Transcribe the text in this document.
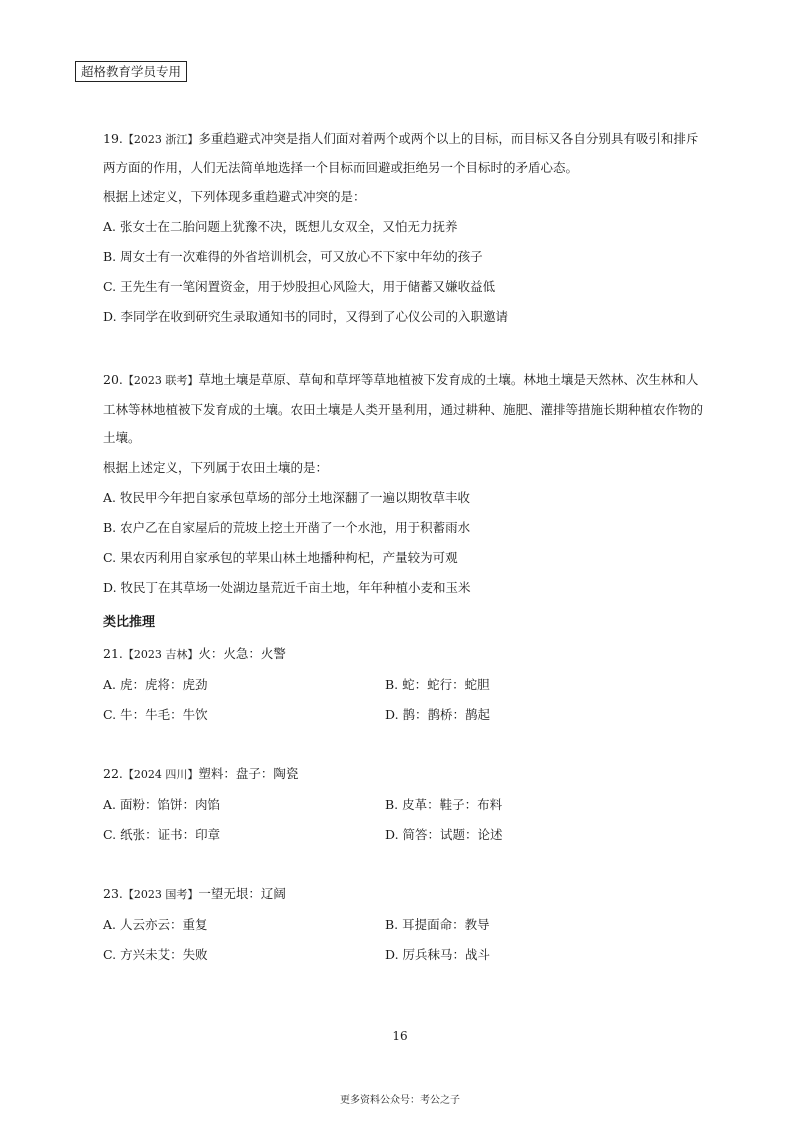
超格教育学员专用

19.【2023 浙江】多重趋避式冲突是指人们面对着两个或两个以上的目标，而目标又各自分别具有吸引和排斥两方面的作用，人们无法简单地选择一个目标而回避或拒绝另一个目标时的矛盾心态。

根据上述定义，下列体现多重趋避式冲突的是：

A. 张女士在二胎问题上犹豫不决，既想儿女双全，又怕无力抚养

B. 周女士有一次难得的外省培训机会，可又放心不下家中年幼的孩子

C. 王先生有一笔闲置资金，用于炒股担心风险大，用于储蓄又嫌收益低

D. 李同学在收到研究生录取通知书的同时，又得到了心仪公司的入职邀请

20.【2023 联考】草地土壤是草原、草甸和草坪等草地植被下发育成的土壤。林地土壤是天然林、次生林和人工林等林地植被下发育成的土壤。农田土壤是人类开垦利用，通过耕种、施肥、灌排等措施长期种植农作物的土壤。

根据上述定义，下列属于农田土壤的是：

A. 牧民甲今年把自家承包草场的部分土地深翻了一遍以期牧草丰收

B. 农户乙在自家屋后的荒坡上挖土开凿了一个水池，用于积蓄雨水

C. 果农丙利用自家承包的苹果山林土地播种枸杞，产量较为可观

D. 牧民丁在其草场一处湖边垦荒近千亩土地，年年种植小麦和玉米

类比推理

21.【2023 吉林】火：火急：火警

A. 虎：虎将：虎劲	B. 蛇：蛇行：蛇胆
C. 牛：牛毛：牛饮	D. 鹊：鹊桥：鹊起

22.【2024 四川】塑料：盘子：陶瓷

A. 面粉：馅饼：肉馅	B. 皮革：鞋子：布料
C. 纸张：证书：印章	D. 简答：试题：论述

23.【2023 国考】一望无垠：辽阔

A. 人云亦云：重复	B. 耳提面命：教导
C. 方兴未艾：失败	D. 厉兵秣马：战斗
16
更多资料公众号：考公之子
